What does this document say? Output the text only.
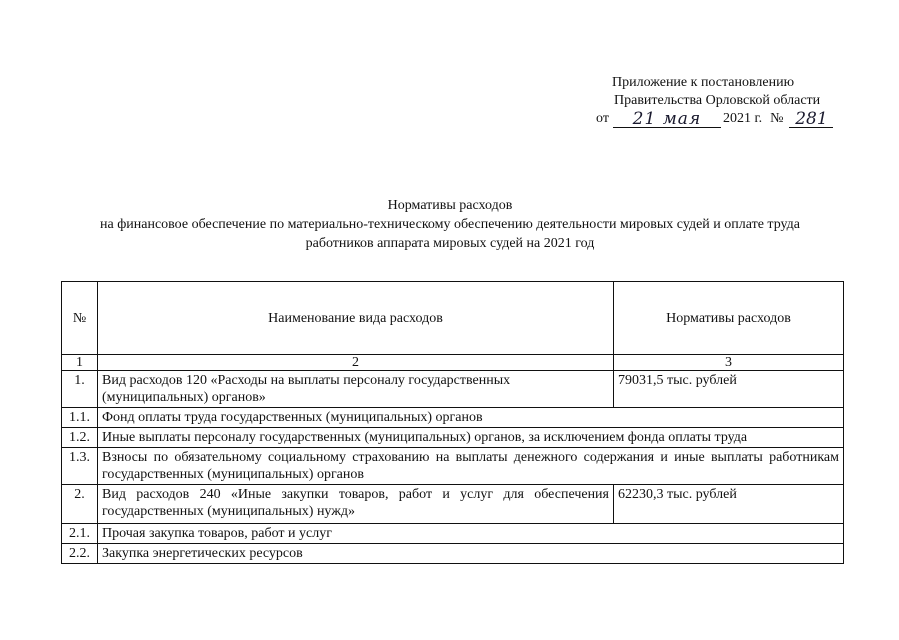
Приложение к постановлению
Правительства Орловской области
от	21 мая	2021 г. № 281
Нормативы расходов
на финансовое обеспечение по материально-техническому обеспечению деятельности мировых судей и оплате труда
работников аппарата мировых судей на 2021 год
№	Наименование вида расходов	Нормативы расходов
1	2	3
1.	Вид расходов 120 «Расходы на выплаты персоналу государственных (муниципальных) органов»	79031,5 тыс. рублей
1.1.	Фонд оплаты труда государственных (муниципальных) органов	
1.2.	Иные выплаты персоналу государственных (муниципальных) органов, за исключением фонда оплаты труда	
1.3.	Взносы по обязательному социальному страхованию на выплаты денежного содержания и иные выплаты работникам государственных (муниципальных) органов	
2.	Вид расходов 240 «Иные закупки товаров, работ и услуг для обеспечения государственных (муниципальных) нужд»	62230,3 тыс. рублей
2.1.	Прочая закупка товаров, работ и услуг	
2.2.	Закупка энергетических ресурсов	
